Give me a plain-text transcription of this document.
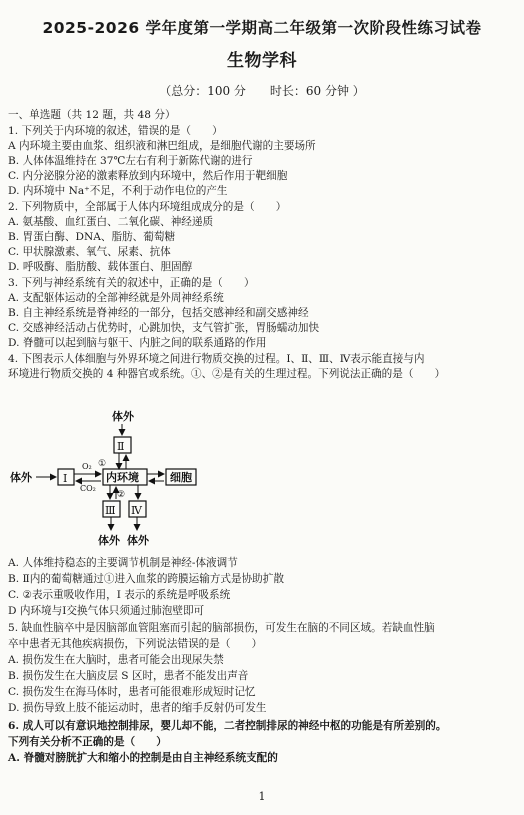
2025-2026 学年度第一学期高二年级第一次阶段性练习试卷
生物学科
（总分：100 分　　时长：60 分钟 ）
一、单选题（共 12 题，共 48 分）
1. 下列关于内环境的叙述，错误的是（　　）
A 内环境主要由血浆、组织液和淋巴组成，是细胞代谢的主要场所
B. 人体体温维持在 37℃左右有利于新陈代谢的进行
C. 内分泌腺分泌的激素释放到内环境中，然后作用于靶细胞
D. 内环境中 Na⁺不足，不利于动作电位的产生
2. 下列物质中，全部属于人体内环境组成成分的是（　　）
A. 氨基酸、血红蛋白、二氧化碳、神经递质
B. 胃蛋白酶、DNA、脂肪、葡萄糖
C. 甲状腺激素、氧气、尿素、抗体
D. 呼吸酶、脂肪酸、载体蛋白、胆固醇
3. 下列与神经系统有关的叙述中，正确的是（　　）
A. 支配躯体运动的全部神经就是外周神经系统
B. 自主神经系统是脊神经的一部分，包括交感神经和副交感神经
C. 交感神经活动占优势时，心跳加快，支气管扩张，胃肠蠕动加快
D. 脊髓可以起到脑与躯干、内脏之间的联系通路的作用
4. 下图表示人体细胞与外界环境之间进行物质交换的过程。Ⅰ、Ⅱ、Ⅲ、Ⅳ表示能直接与内
环境进行物质交换的 4 种器官或系统。①、②是有关的生理过程。下列说法正确的是（　　）
体外
Ⅱ
①
体外	Ⅰ
O₂
CO₂
内环境	细胞
②
Ⅲ Ⅳ
体外 体外
A. 人体维持稳态的主要调节机制是神经-体液调节
B. Ⅱ内的葡萄糖通过①进入血浆的跨膜运输方式是协助扩散
C. ②表示重吸收作用，Ⅰ 表示的系统是呼吸系统
D 内环境与Ⅰ交换气体只须通过肺泡壁即可
5. 缺血性脑卒中是因脑部血管阻塞而引起的脑部损伤，可发生在脑的不同区域。若缺血性脑
卒中患者无其他疾病损伤，下列说法错误的是（　　）
A. 损伤发生在大脑时，患者可能会出现尿失禁
B. 损伤发生在大脑皮层 S 区时，患者不能发出声音
C. 损伤发生在海马体时，患者可能很难形成短时记忆
D. 损伤导致上肢不能运动时，患者的缩手反射仍可发生
6. 成人可以有意识地控制排尿，婴儿却不能，二者控制排尿的神经中枢的功能是有所差别的。
下列有关分析不正确的是（　　）
A. 脊髓对膀胱扩大和缩小的控制是由自主神经系统支配的
1
